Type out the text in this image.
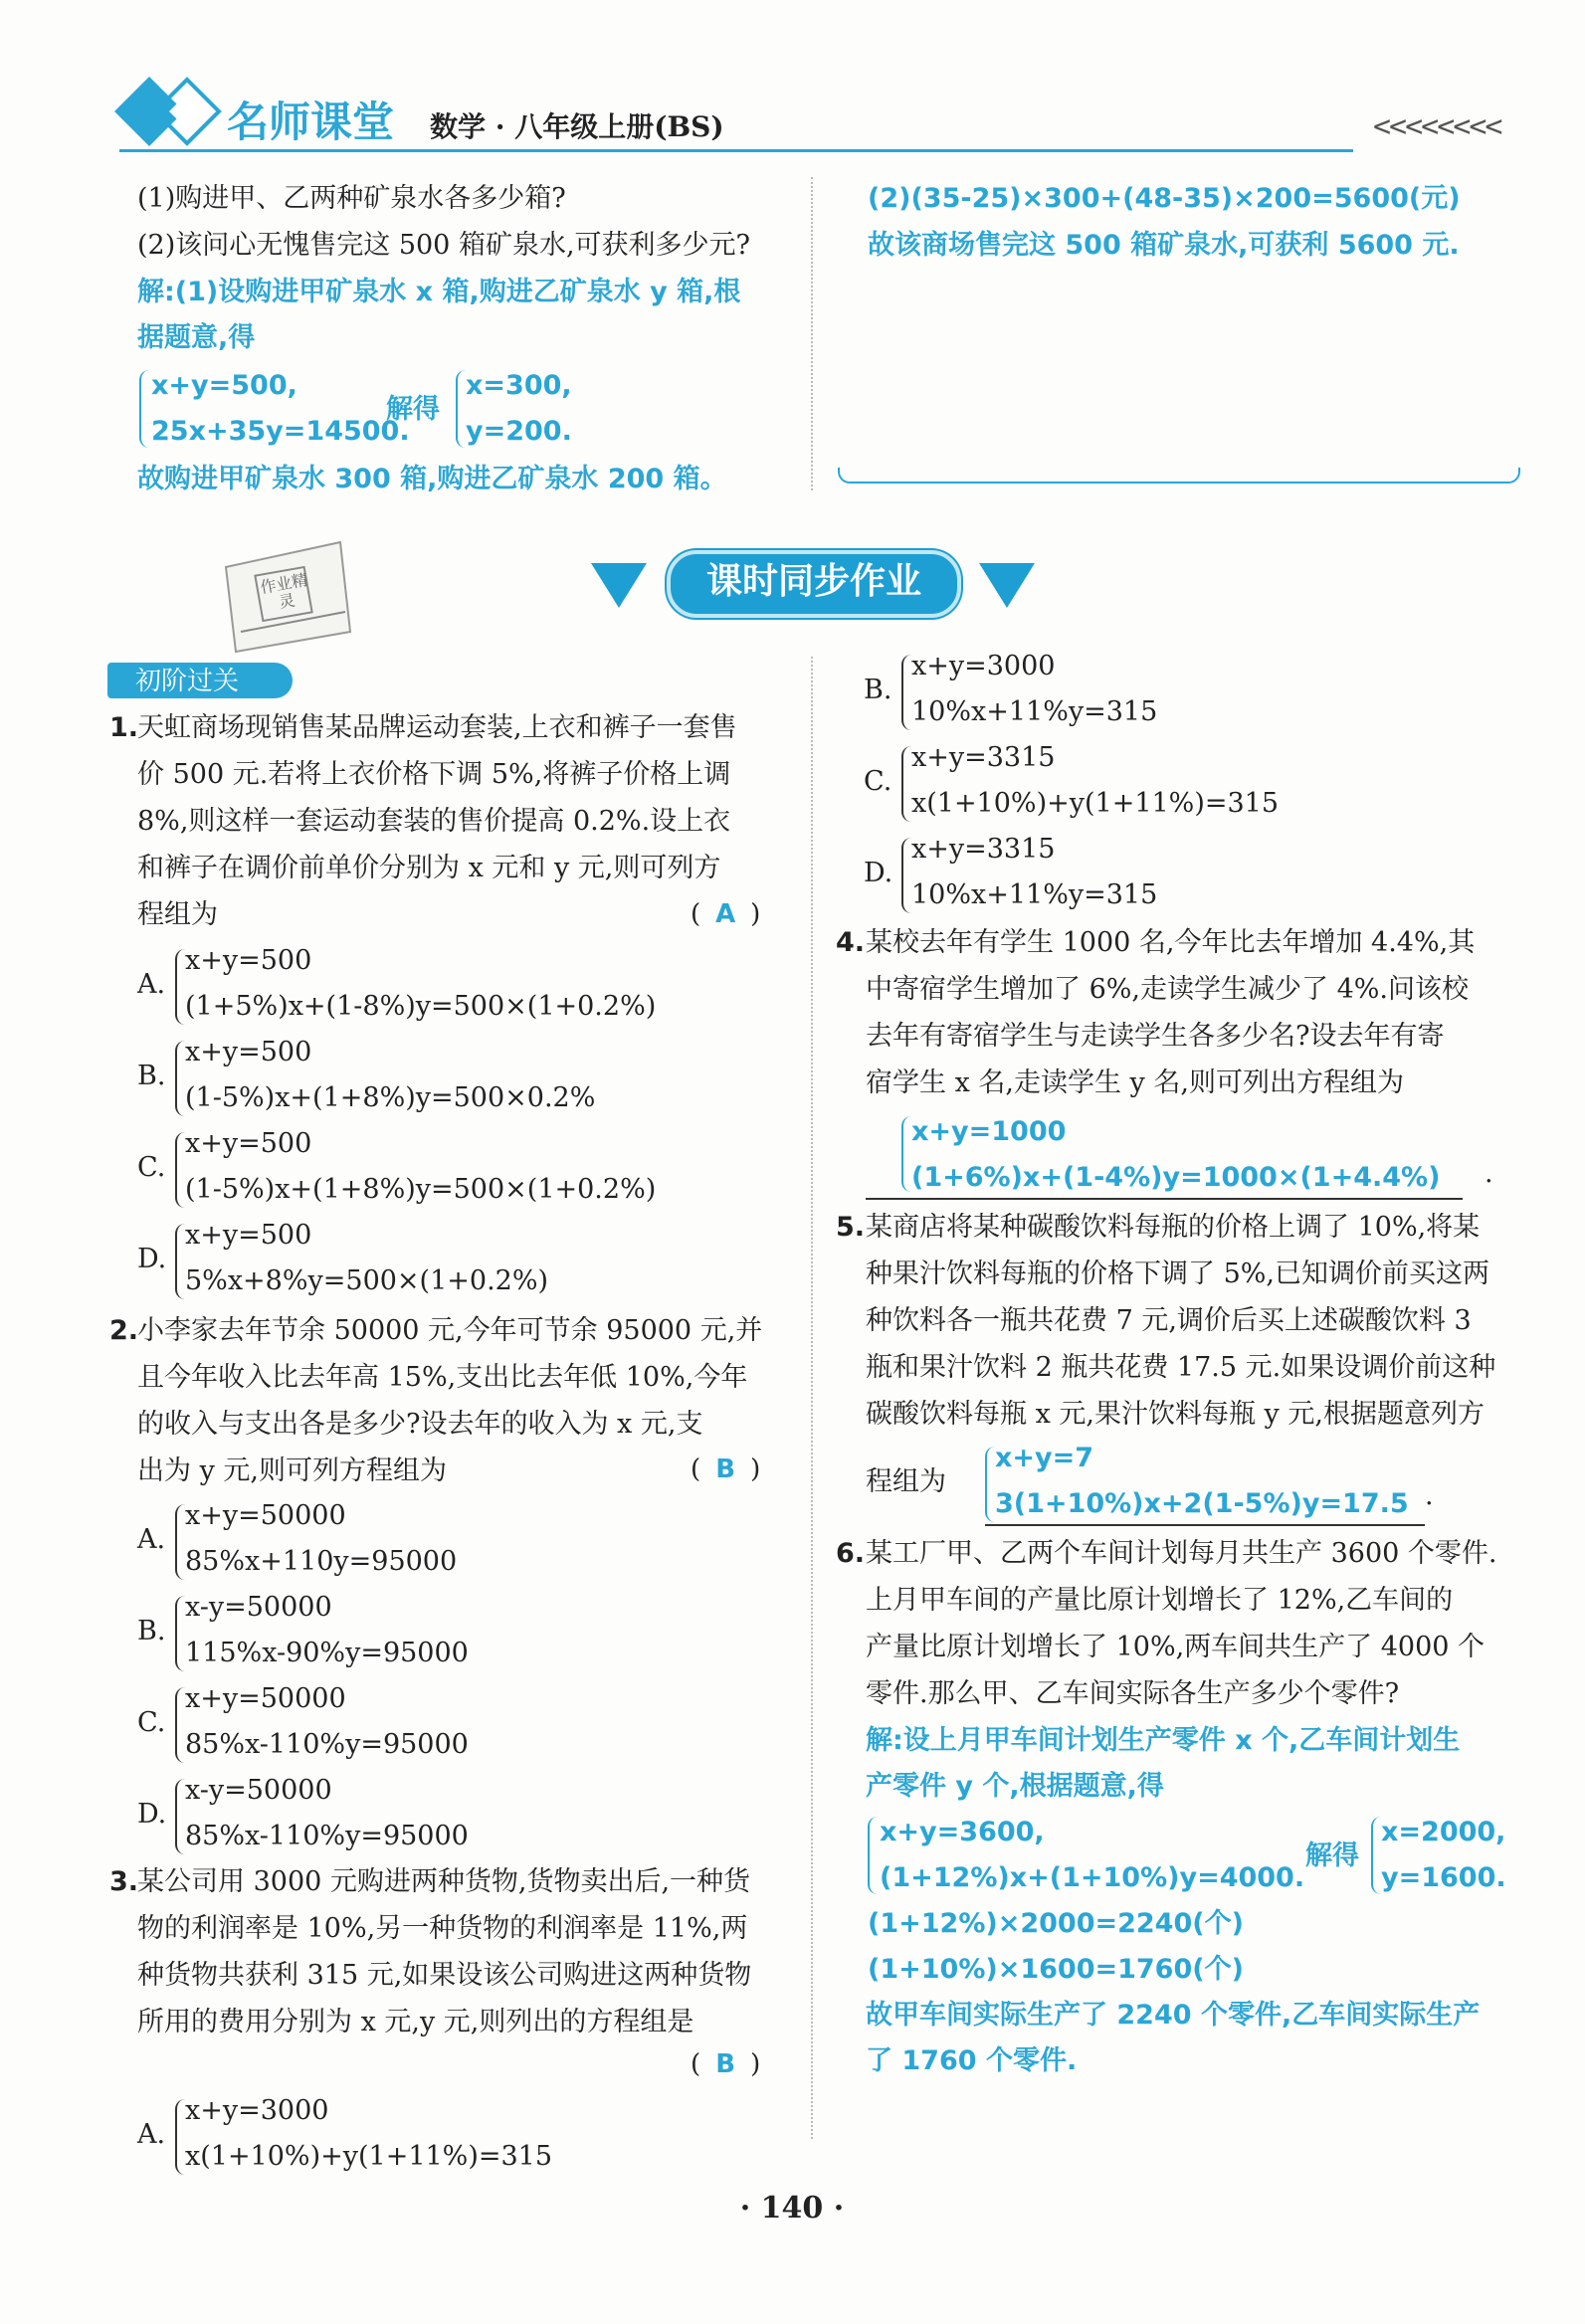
名师课堂 数学 · 八年级上册(BS)	<<<<<<<<
(1)购进甲、乙两种矿泉水各多少箱?
(2)该问心无愧售完这 500 箱矿泉水,可获利多少元?
解:(1)设购进甲矿泉水 x 箱,购进乙矿泉水 y 箱,根
据题意,得
x+y=500,
25x+35y=14500.
解得
x=300,
y=200.
故购进甲矿泉水 300 箱,购进乙矿泉水 200 箱。
(2)(35-25)×300+(48-35)×200=5600(元)
故该商场售完这 500 箱矿泉水,可获利 5600 元.
作业精灵	课时同步作业
初阶过关
1.
天虹商场现销售某品牌运动套装,上衣和裤子一套售
价 500 元.若将上衣价格下调 5%,将裤子价格上调
8%,则这样一套运动套装的售价提高 0.2%.设上衣
和裤子在调价前单价分别为 x 元和 y 元,则可列方
程组为	( A )
A.
x+y=500
(1+5%)x+(1-8%)y=500×(1+0.2%)
B.
x+y=500
(1-5%)x+(1+8%)y=500×0.2%
C.
x+y=500
(1-5%)x+(1+8%)y=500×(1+0.2%)
D.
x+y=500
5%x+8%y=500×(1+0.2%)
2.
小李家去年节余 50000 元,今年可节余 95000 元,并
且今年收入比去年高 15%,支出比去年低 10%,今年
的收入与支出各是多少?设去年的收入为 x 元,支
出为 y 元,则可列方程组为	( B )
A.
x+y=50000
85%x+110y=95000
B.
x-y=50000
115%x-90%y=95000
C.
x+y=50000
85%x-110%y=95000
D.
x-y=50000
85%x-110%y=95000
3.
某公司用 3000 元购进两种货物,货物卖出后,一种货
物的利润率是 10%,另一种货物的利润率是 11%,两
种货物共获利 315 元,如果设该公司购进这两种货物
所用的费用分别为 x 元,y 元,则列出的方程组是
( B )
A.
x+y=3000
x(1+10%)+y(1+11%)=315
B.
x+y=3000
10%x+11%y=315
C.
x+y=3315
x(1+10%)+y(1+11%)=315
D.
x+y=3315
10%x+11%y=315
4. 某校去年有学生 1000 名,今年比去年增加 4.4%,其
中寄宿学生增加了 6%,走读学生减少了 4%.问该校
去年有寄宿学生与走读学生各多少名?设去年有寄
宿学生 x 名,走读学生 y 名,则可列出方程组为
x+y=1000
(1+6%)x+(1-4%)y=1000×(1+4.4%) .
5. 某商店将某种碳酸饮料每瓶的价格上调了 10%,将某
种果汁饮料每瓶的价格下调了 5%,已知调价前买这两
种饮料各一瓶共花费 7 元,调价后买上述碳酸饮料 3
瓶和果汁饮料 2 瓶共花费 17.5 元.如果设调价前这种
碳酸饮料每瓶 x 元,果汁饮料每瓶 y 元,根据题意列方
程组为
x+y=7
3(1+10%)x+2(1-5%)y=17.5 .
6. 某工厂甲、乙两个车间计划每月共生产 3600 个零件.
上月甲车间的产量比原计划增长了 12%,乙车间的
产量比原计划增长了 10%,两车间共生产了 4000 个
零件.那么甲、乙车间实际各生产多少个零件?
解:设上月甲车间计划生产零件 x 个,乙车间计划生
产零件 y 个,根据题意,得
x+y=3600,
(1+12%)x+(1+10%)y=4000.
解得
x=2000,
y=1600.
(1+12%)×2000=2240(个)
(1+10%)×1600=1760(个)
故甲车间实际生产了 2240 个零件,乙车间实际生产
了 1760 个零件.
· 140 ·
